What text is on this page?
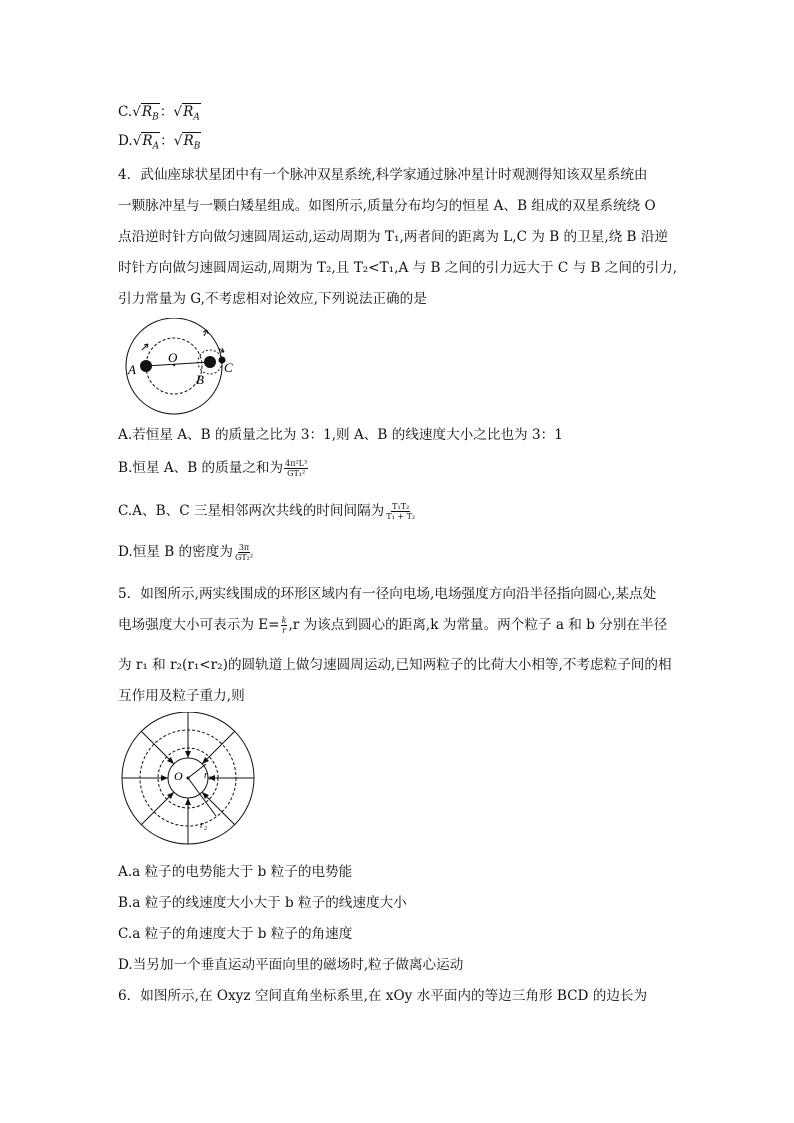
$C.√R_B$：$√R_A$
$D.√R_A$：$√R_B$
4．武仙座球状星团中有一个脉冲双星系统,科学家通过脉冲星计时观测得知该双星系统由
一颗脉冲星与一颗白矮星组成。如图所示,质量分布均匀的恒星 A、B 组成的双星系统绕 O
点沿逆时针方向做匀速圆周运动,运动周期为 T₁,两者间的距离为 L,C 为 B 的卫星,绕 B 沿逆
时针方向做匀速圆周运动,周期为 T₂,且 T₂<T₁,A 与 B 之间的引力远大于 C 与 B 之间的引力,
引力常量为 G,不考虑相对论效应,下列说法正确的是
A
O
B
C
A.若恒星 A、B 的质量之比为 3：1,则 A、B 的线速度大小之比也为 3：1
B.恒星 A、B 的质量之和为 $\frac{\text{4π²L³}}{\text{GT₁²}}$
C.A、B、C 三星相邻两次共线的时间间隔为 $\frac{\text{T₁T₂}}{\text{T₁ + T₂}}$
D.恒星 B 的密度为 $\frac{3\pi}{\text{GT₂²}}$
5．如图所示,两实线围成的环形区域内有一径向电场,电场强度方向沿半径指向圆心,某点处
电场强度大小可表示为 $E= \frac{k}{r} ,r$ 为该点到圆心的距离,k 为常量。两个粒子 a 和 b 分别在半径
为 r₁ 和 r₂(r₁<r₂)的圆轨道上做匀速圆周运动,已知两粒子的比荷大小相等,不考虑粒子间的相
互作用及粒子重力,则
O r₁
r₂
A.a 粒子的电势能大于 b 粒子的电势能
B.a 粒子的线速度大小大于 b 粒子的线速度大小
C.a 粒子的角速度大于 b 粒子的角速度
D.当另加一个垂直运动平面向里的磁场时,粒子做离心运动
6．如图所示,在 Oxyz 空间直角坐标系里,在 xOy 水平面内的等边三角形 BCD 的边长为
